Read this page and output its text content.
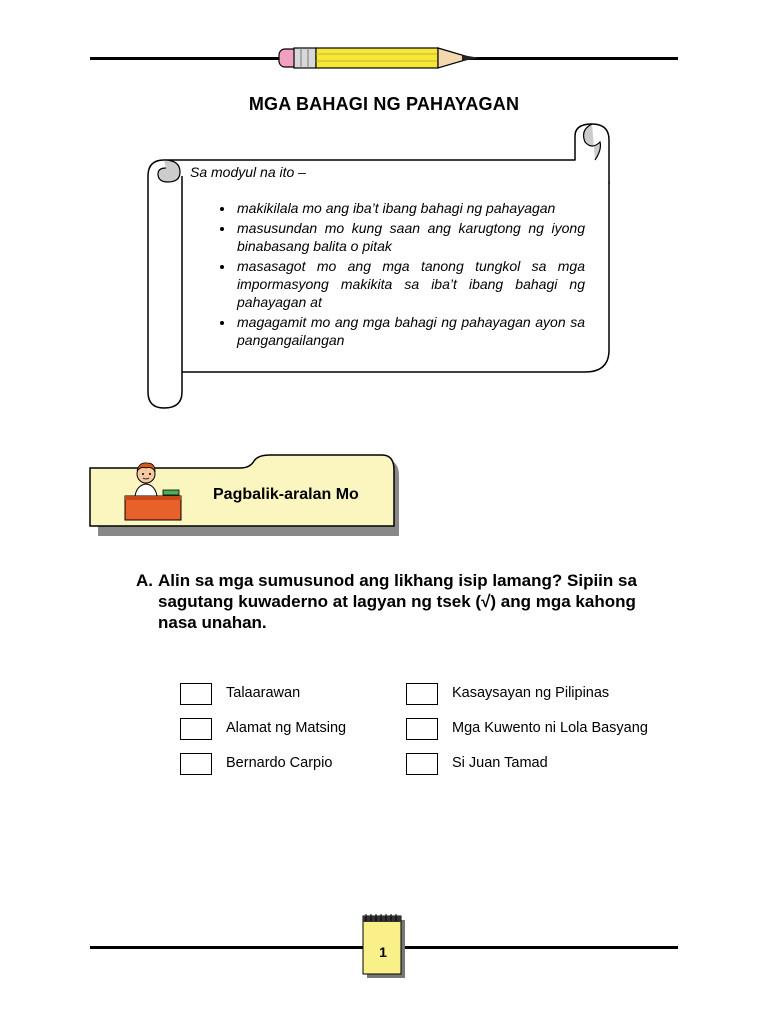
MGA BAHAGI NG PAHAYAGAN
Sa modyul na ito –
• makikilala mo ang iba’t ibang bahagi ng pahayagan
• masusundan mo kung saan ang karugtong ng iyong binabasang balita o pitak
• masasagot mo ang mga tanong tungkol sa mga impormasyong makikita sa iba’t ibang bahagi ng pahayagan at
• magagamit mo ang mga bahagi ng pahayagan ayon sa pangangailangan
Pagbalik-aralan Mo
A. Alin sa mga sumusunod ang likhang isip lamang? Sipiin sa sagutang kuwaderno at lagyan ng tsek (√) ang mga kahong nasa unahan.
Talaarawan
Alamat ng Matsing
Bernardo Carpio
Kasaysayan ng Pilipinas
Mga Kuwento ni Lola Basyang
Si Juan Tamad
1
